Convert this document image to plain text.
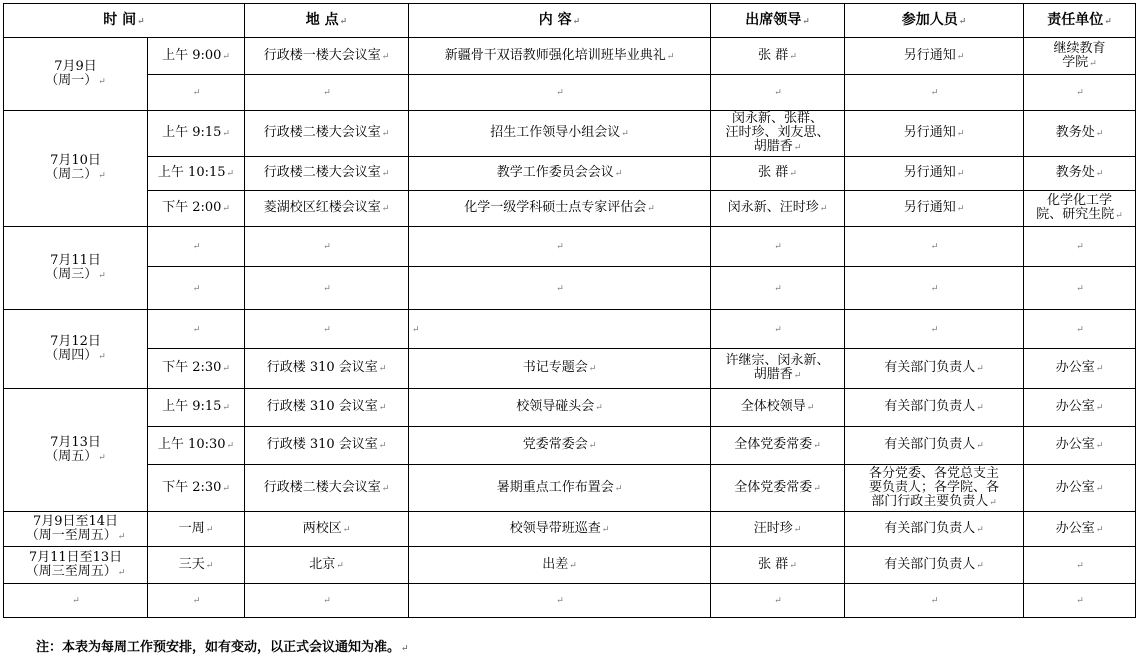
时 间↵		地 点↵	内 容↵	出席领导↵	参加人员↵	责任单位↵
7月9日
（周一）↵	上午 9:00↵	行政楼一楼大会议室↵	新疆骨干双语教师强化培训班毕业典礼↵	张 群↵	另行通知↵	继续教育
学院↵
	↵	↵	↵	↵	↵	↵
7月10日
（周二）↵	上午 9:15↵	行政楼二楼大会议室↵	招生工作领导小组会议↵	闵永新、张群、
汪时珍、刘友思、
胡腊香↵	另行通知↵	教务处↵
	上午 10:15↵	行政楼二楼大会议室↵	教学工作委员会会议↵	张 群↵	另行通知↵	教务处↵
	下午 2:00↵	菱湖校区红楼会议室↵	化学一级学科硕士点专家评估会↵	闵永新、汪时珍↵	另行通知↵	化学化工学
院、研究生院↵
7月11日
（周三）↵	↵	↵	↵	↵	↵	↵
	↵	↵	↵	↵	↵	↵
7月12日
（周四）↵	↵	↵	↵	↵	↵	↵
	下午 2:30↵	行政楼 310 会议室↵	书记专题会↵	许继宗、闵永新、
胡腊香↵	有关部门负责人↵	办公室↵
7月13日
（周五）↵	上午 9:15↵	行政楼 310 会议室↵	校领导碰头会↵	全体校领导↵	有关部门负责人↵	办公室↵
	上午 10:30↵	行政楼 310 会议室↵	党委常委会↵	全体党委常委↵	有关部门负责人↵	办公室↵
	下午 2:30↵	行政楼二楼大会议室↵	暑期重点工作布置会↵	全体党委常委↵	各分党委、各党总支主
要负责人；各学院、各
部门行政主要负责人↵	办公室↵
7月9日至14日
（周一至周五）↵	一周↵	两校区↵	校领导带班巡查↵	汪时珍↵	有关部门负责人↵	办公室↵
7月11日至13日
（周三至周五）↵	三天↵	北京↵	出差↵	张 群↵	有关部门负责人↵	↵
↵	↵	↵	↵	↵	↵	↵
注：本表为每周工作预安排，如有变动，以正式会议通知为准。↵
